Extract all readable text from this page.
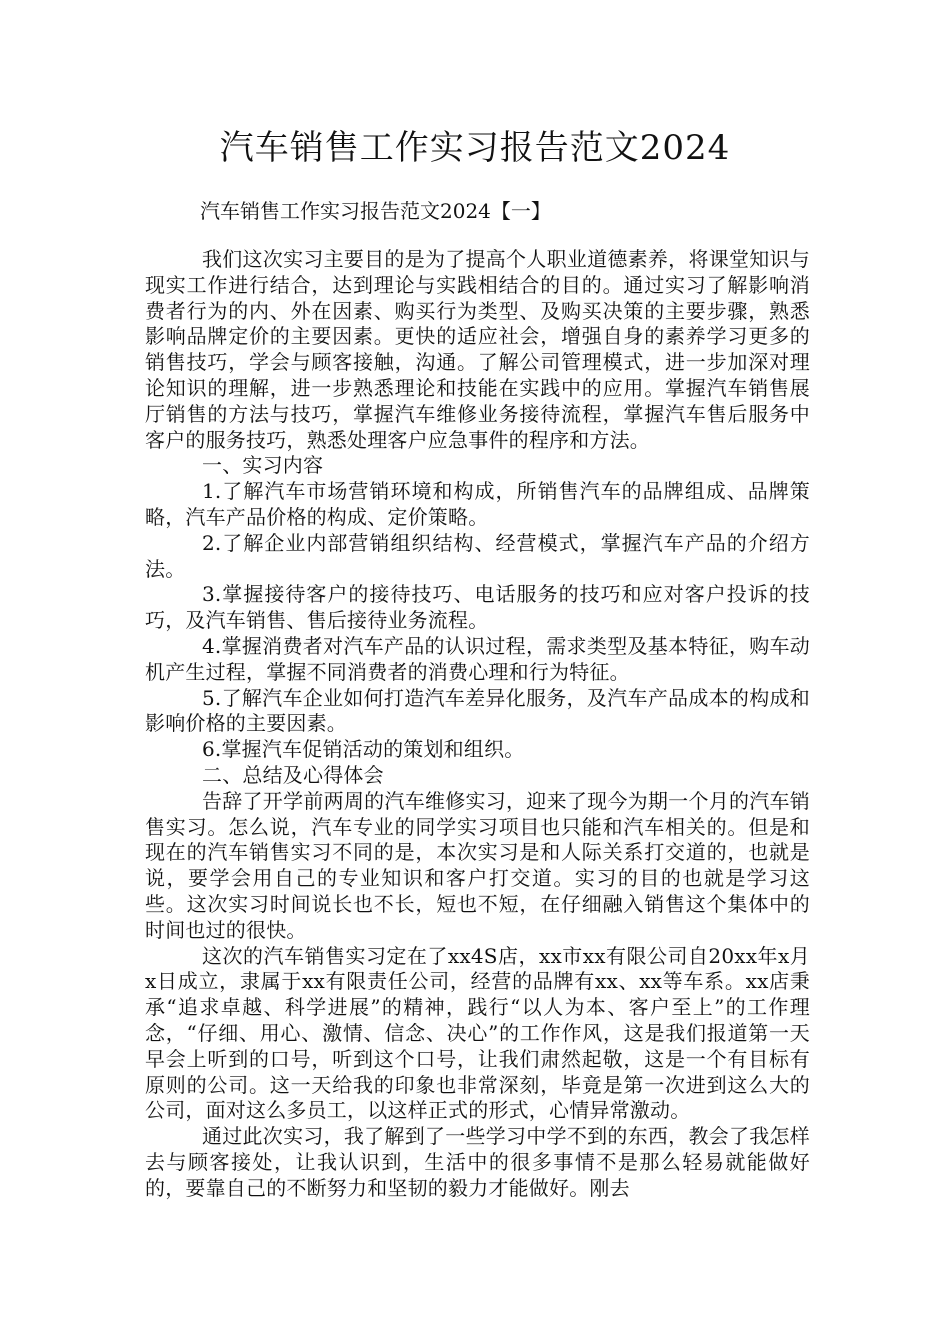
汽车销售工作实习报告范文2024
汽车销售工作实习报告范文2024【一】

我们这次实习主要目的是为了提高个人职业道德素养，将课堂知识与现实工作进行结合，达到理论与实践相结合的目的。通过实习了解影响消费者行为的内、外在因素、购买行为类型、及购买决策的主要步骤，熟悉影响品牌定价的主要因素。更快的适应社会，增强自身的素养学习更多的销售技巧，学会与顾客接触，沟通。了解公司管理模式，进一步加深对理论知识的理解，进一步熟悉理论和技能在实践中的应用。掌握汽车销售展厅销售的方法与技巧，掌握汽车维修业务接待流程，掌握汽车售后服务中客户的服务技巧，熟悉处理客户应急事件的程序和方法。

一、实习内容

1.了解汽车市场营销环境和构成，所销售汽车的品牌组成、品牌策略，汽车产品价格的构成、定价策略。

2.了解企业内部营销组织结构、经营模式，掌握汽车产品的介绍方法。

3.掌握接待客户的接待技巧、电话服务的技巧和应对客户投诉的技巧，及汽车销售、售后接待业务流程。

4.掌握消费者对汽车产品的认识过程，需求类型及基本特征，购车动机产生过程，掌握不同消费者的消费心理和行为特征。

5.了解汽车企业如何打造汽车差异化服务，及汽车产品成本的构成和影响价格的主要因素。

6.掌握汽车促销活动的策划和组织。

二、总结及心得体会

告辞了开学前两周的汽车维修实习，迎来了现今为期一个月的汽车销售实习。怎么说，汽车专业的同学实习项目也只能和汽车相关的。但是和现在的汽车销售实习不同的是，本次实习是和人际关系打交道的，也就是说，要学会用自己的专业知识和客户打交道。实习的目的也就是学习这些。这次实习时间说长也不长，短也不短，在仔细融入销售这个集体中的时间也过的很快。

这次的汽车销售实习定在了xx4S店，xx市xx有限公司自20xx年x月x日成立，隶属于xx有限责任公司，经营的品牌有xx、xx等车系。xx店秉承“追求卓越、科学进展”的精神，践行“以人为本、客户至上”的工作理念，“仔细、用心、激情、信念、决心”的工作作风，这是我们报道第一天早会上听到的口号，听到这个口号，让我们肃然起敬，这是一个有目标有原则的公司。这一天给我的印象也非常深刻，毕竟是第一次进到这么大的公司，面对这么多员工，以这样正式的形式，心情异常激动。

通过此次实习，我了解到了一些学习中学不到的东西，教会了我怎样去与顾客接处，让我认识到，生活中的很多事情不是那么轻易就能做好的，要靠自己的不断努力和坚韧的毅力才能做好。刚去
